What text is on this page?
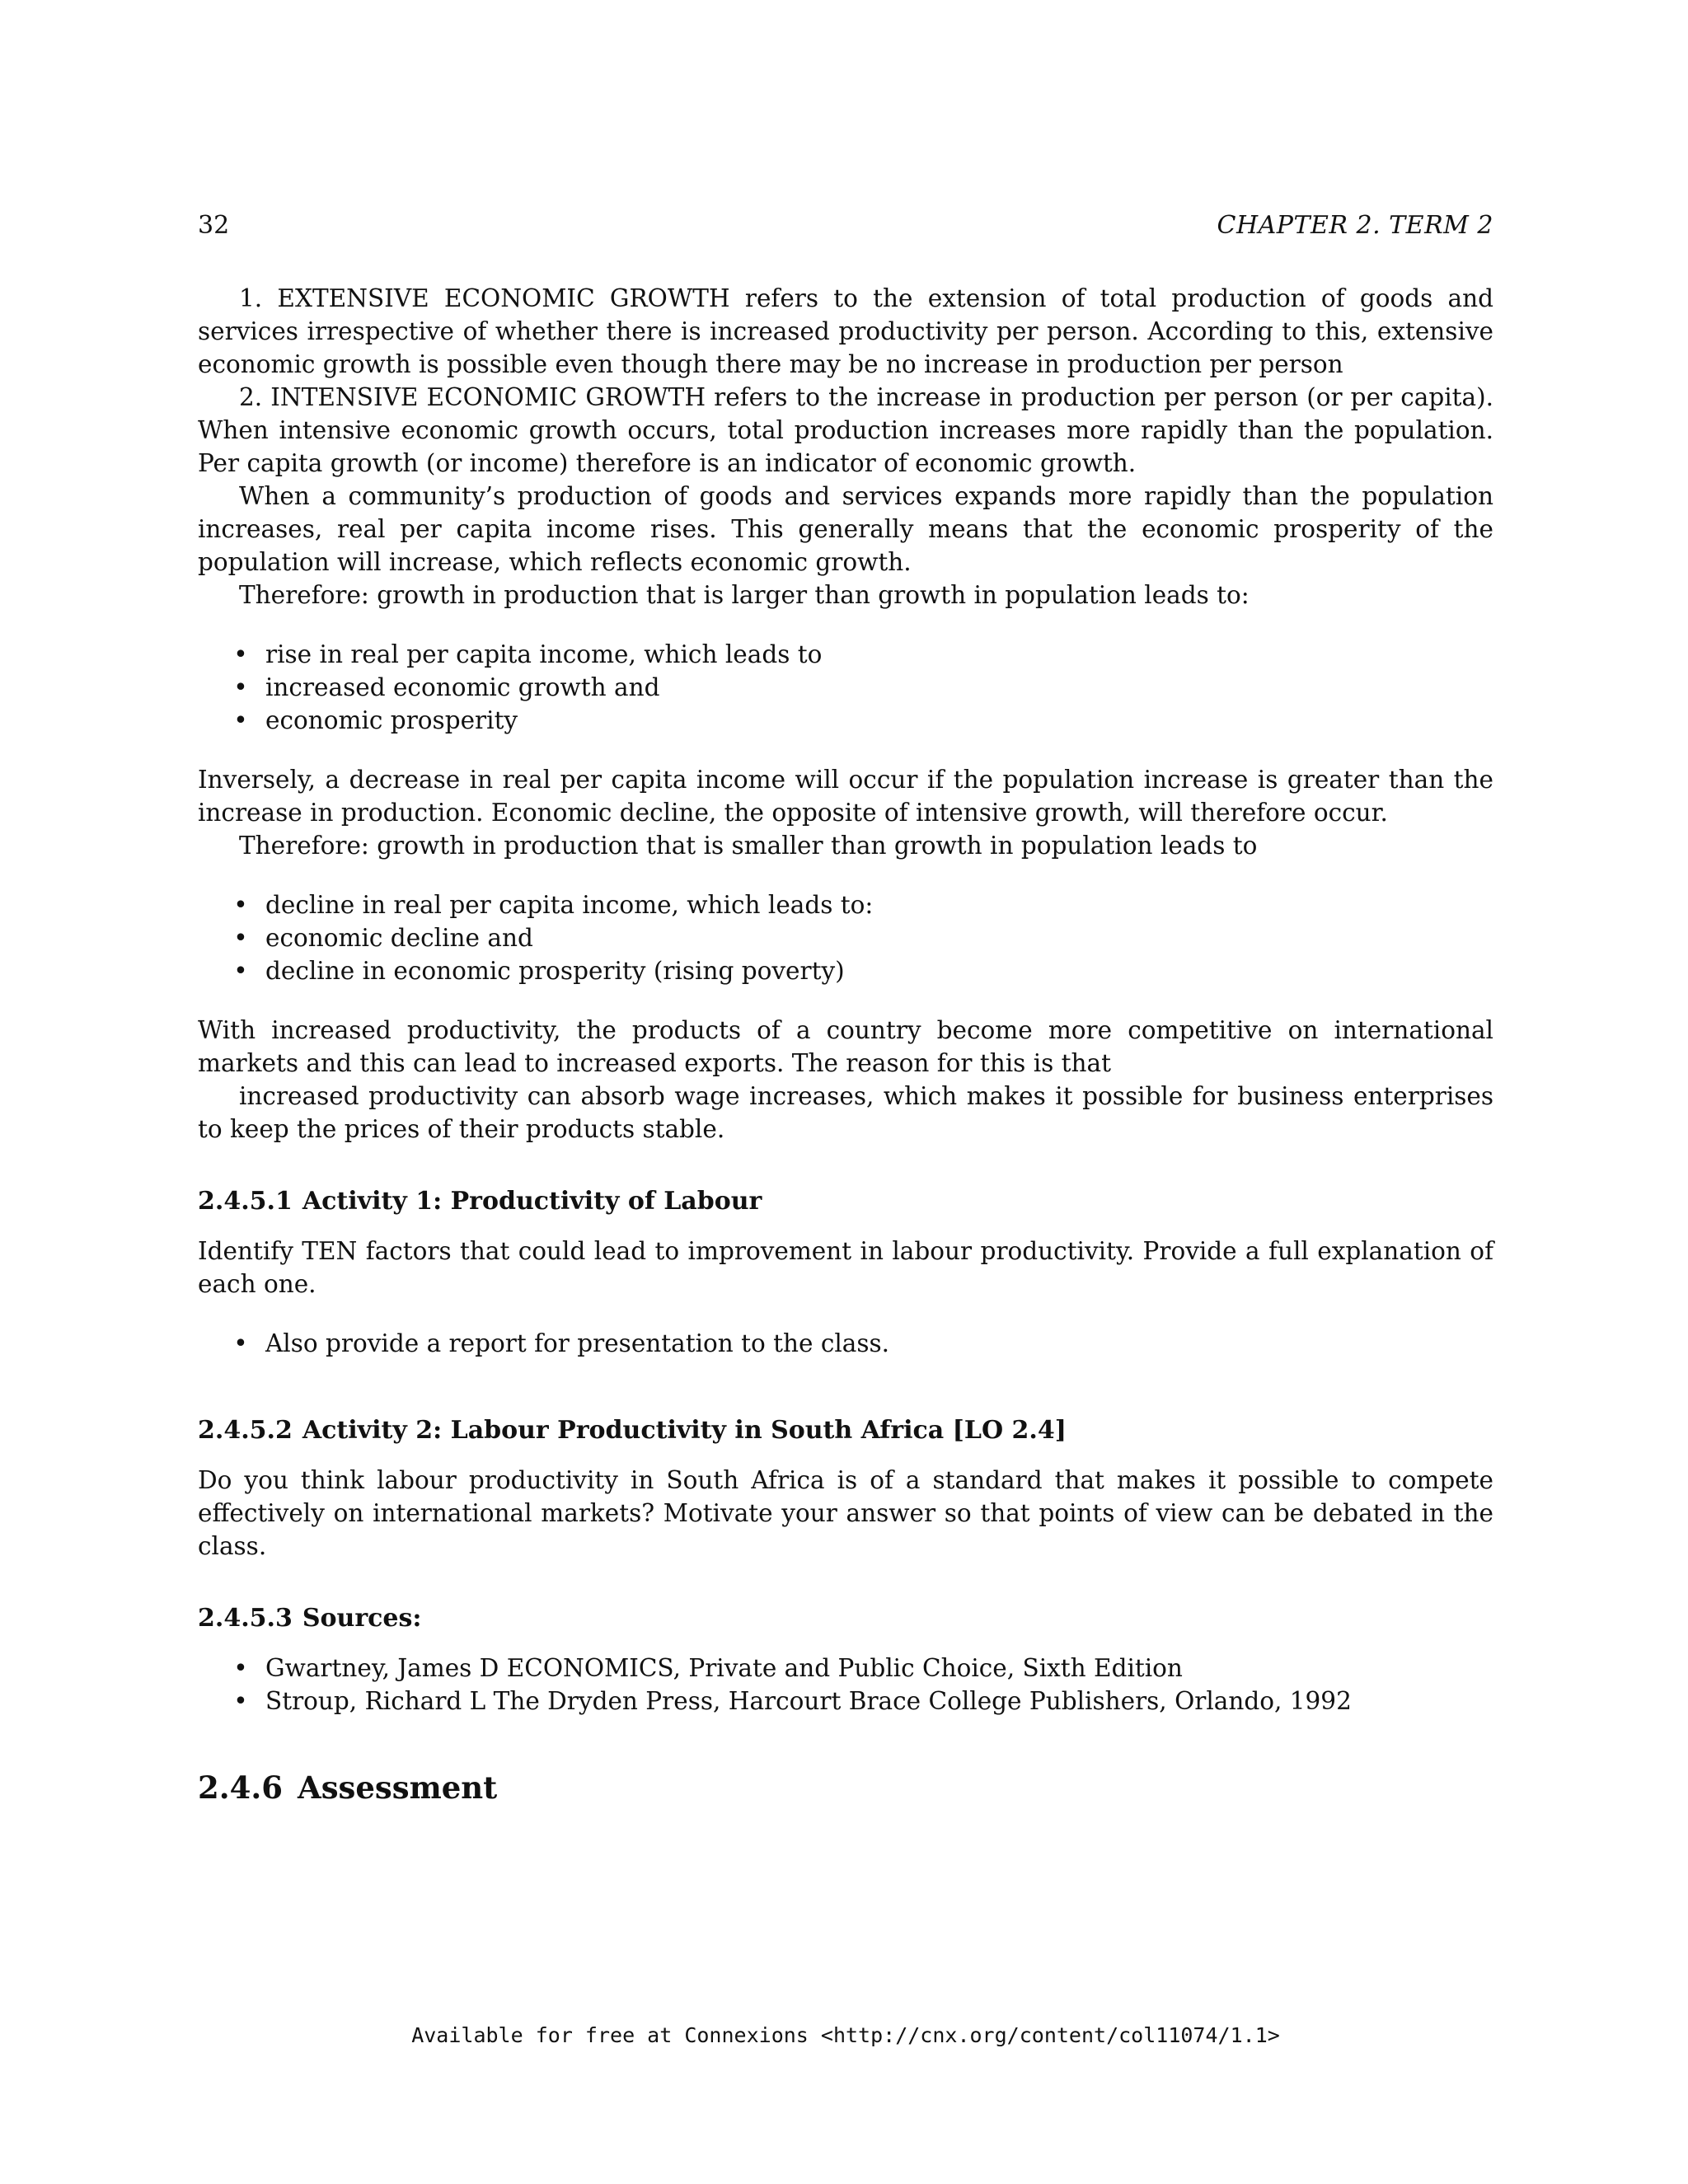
32	CHAPTER 2. TERM 2

1. EXTENSIVE ECONOMIC GROWTH refers to the extension of total production of goods and services irrespective of whether there is increased productivity per person. According to this, extensive economic growth is possible even though there may be no increase in production per person

2. INTENSIVE ECONOMIC GROWTH refers to the increase in production per person (or per capita). When intensive economic growth occurs, total production increases more rapidly than the population. Per capita growth (or income) therefore is an indicator of economic growth.

When a community’s production of goods and services expands more rapidly than the population increases, real per capita income rises. This generally means that the economic prosperity of the population will increase, which reflects economic growth.

Therefore: growth in production that is larger than growth in population leads to:

• rise in real per capita income, which leads to
• increased economic growth and
• economic prosperity

Inversely, a decrease in real per capita income will occur if the population increase is greater than the increase in production. Economic decline, the opposite of intensive growth, will therefore occur.

Therefore: growth in production that is smaller than growth in population leads to

• decline in real per capita income, which leads to:
• economic decline and
• decline in economic prosperity (rising poverty)

With increased productivity, the products of a country become more competitive on international markets and this can lead to increased exports. The reason for this is that

increased productivity can absorb wage increases, which makes it possible for business enterprises to keep the prices of their products stable.

2.4.5.1 Activity 1: Productivity of Labour

Identify TEN factors that could lead to improvement in labour productivity. Provide a full explanation of each one.

• Also provide a report for presentation to the class.
2.4.5.2 Activity 2: Labour Productivity in South Africa [LO 2.4]

Do you think labour productivity in South Africa is of a standard that makes it possible to compete effectively on international markets? Motivate your answer so that points of view can be debated in the class.

2.4.5.3 Sources:
• Gwartney, James D ECONOMICS, Private and Public Choice, Sixth Edition
• Stroup, Richard L The Dryden Press, Harcourt Brace College Publishers, Orlando, 1992
2.4.6 Assessment
Available for free at Connexions <http://cnx.org/content/col11074/1.1>
